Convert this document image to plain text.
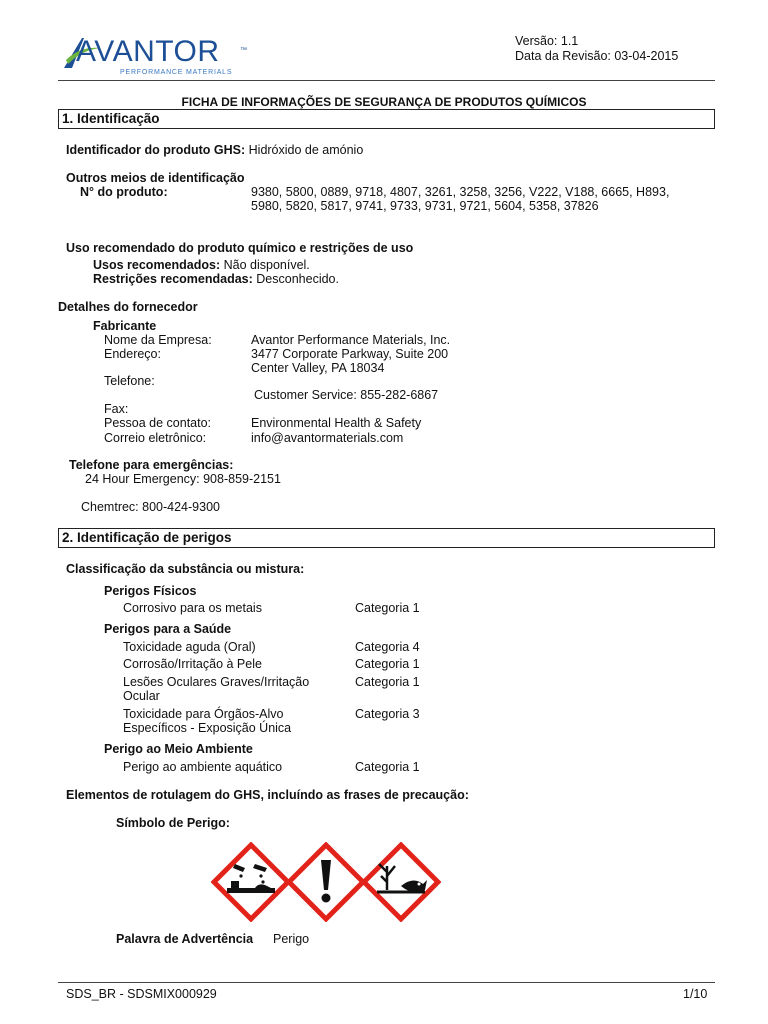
AVANTOR	™
PERFORMANCE MATERIALS
Versão: 1.1
Data da Revisão: 03-04-2015
FICHA DE INFORMAÇÕES DE SEGURANÇA DE PRODUTOS QUÍMICOS
1. Identificação
Identificador do produto GHS: Hidróxido de amónio
Outros meios de identificação
N° do produto:	9380, 5800, 0889, 9718, 4807, 3261, 3258, 3256, V222, V188, 6665, H893,
5980, 5820, 5817, 9741, 9733, 9731, 9721, 5604, 5358, 37826
Uso recomendado do produto químico e restrições de uso
Usos recomendados: Não disponível.
Restrições recomendadas: Desconhecido.
Detalhes do fornecedor
Fabricante
Nome da Empresa:	Avantor Performance Materials, Inc.
Endereço:	3477 Corporate Parkway, Suite 200
Center Valley, PA 18034
Telefone:
Customer Service: 855-282-6867
Fax:
Pessoa de contato:	Environmental Health & Safety
Correio eletrônico:	info@avantormaterials.com
Telefone para emergências:
24 Hour Emergency: 908-859-2151
Chemtrec: 800-424-9300
2. Identificação de perigos
Classificação da substância ou mistura:
Perigos Físicos
Corrosivo para os metais	Categoria 1
Perigos para a Saúde
Toxicidade aguda (Oral)	Categoria 4
Corrosão/Irritação à Pele	Categoria 1
Lesões Oculares Graves/Irritação
Ocular
Categoria 1
Toxicidade para Órgãos-Alvo
Específicos - Exposição Única
Categoria 3
Perigo ao Meio Ambiente
Perigo ao ambiente aquático	Categoria 1
Elementos de rotulagem do GHS, incluíndo as frases de precaução:
Símbolo de Perigo:
Palavra de Advertência Perigo
SDS_BR - SDSMIX000929	1/10
